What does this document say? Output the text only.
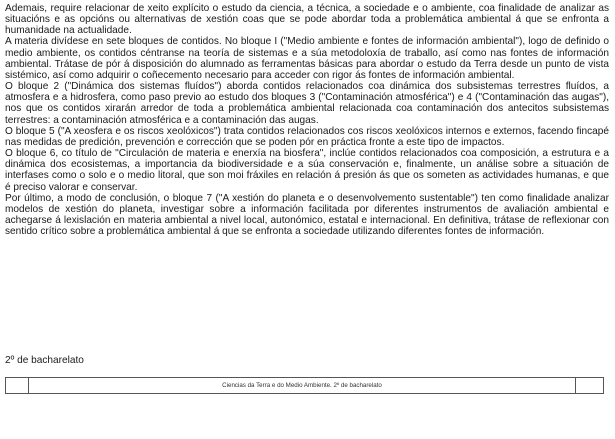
Ademais, require relacionar de xeito explícito o estudo da ciencia, a técnica, a sociedade e o ambiente, coa finalidade de analizar as situacións e as opcións ou alternativas de xestión coas que se pode abordar toda a problemática ambiental á que se enfronta a humanidade na actualidade.

A materia divídese en sete bloques de contidos. No bloque I ("Medio ambiente e fontes de información ambiental"), logo de definido o medio ambiente, os contidos céntranse na teoría de sistemas e a súa metodoloxía de traballo, así como nas fontes de información ambiental. Trátase de pór á disposición do alumnado as ferramentas básicas para abordar o estudo da Terra desde un punto de vista sistémico, así como adquirir o coñecemento necesario para acceder con rigor ás fontes de información ambiental.

O bloque 2 ("Dinámica dos sistemas fluídos") aborda contidos relacionados coa dinámica dos subsistemas terrestres fluídos, a atmosfera e a hidrosfera, como paso previo ao estudo dos bloques 3 ("Contaminación atmosférica") e 4 ("Contaminación das augas"), nos que os contidos xirarán arredor de toda a problemática ambiental relacionada coa contaminación dos antecitos subsistemas terrestres: a contaminación atmosférica e a contaminación das augas.

O bloque 5 ("A xeosfera e os riscos xeolóxicos") trata contidos relacionados cos riscos xeolóxicos internos e externos, facendo fincapé nas medidas de predición, prevención e corrección que se poden pór en práctica fronte a este tipo de impactos.

O bloque 6, co título de "Circulación de materia e enerxía na biosfera", inclúe contidos relacionados coa composición, a estrutura e a dinámica dos ecosistemas, a importancia da biodiversidade e a súa conservación e, finalmente, un análise sobre a situación de interfases como o solo e o medio litoral, que son moi fráxiles en relación á presión ás que os someten as actividades humanas, e que é preciso valorar e conservar.

Por último, a modo de conclusión, o bloque 7 ("A xestión do planeta e o desenvolvemento sustentable") ten como finalidade analizar modelos de xestión do planeta, investigar sobre a información facilitada por diferentes instrumentos de avaliación ambiental e achegarse á lexislación en materia ambiental a nivel local, autonómico, estatal e internacional. En definitiva, trátase de reflexionar con sentido crítico sobre a problemática ambiental á que se enfronta a sociedade utilizando diferentes fontes de información.

2º de bacharelato
Ciencias da Terra e do Medio Ambiente. 2º de bacharelato
